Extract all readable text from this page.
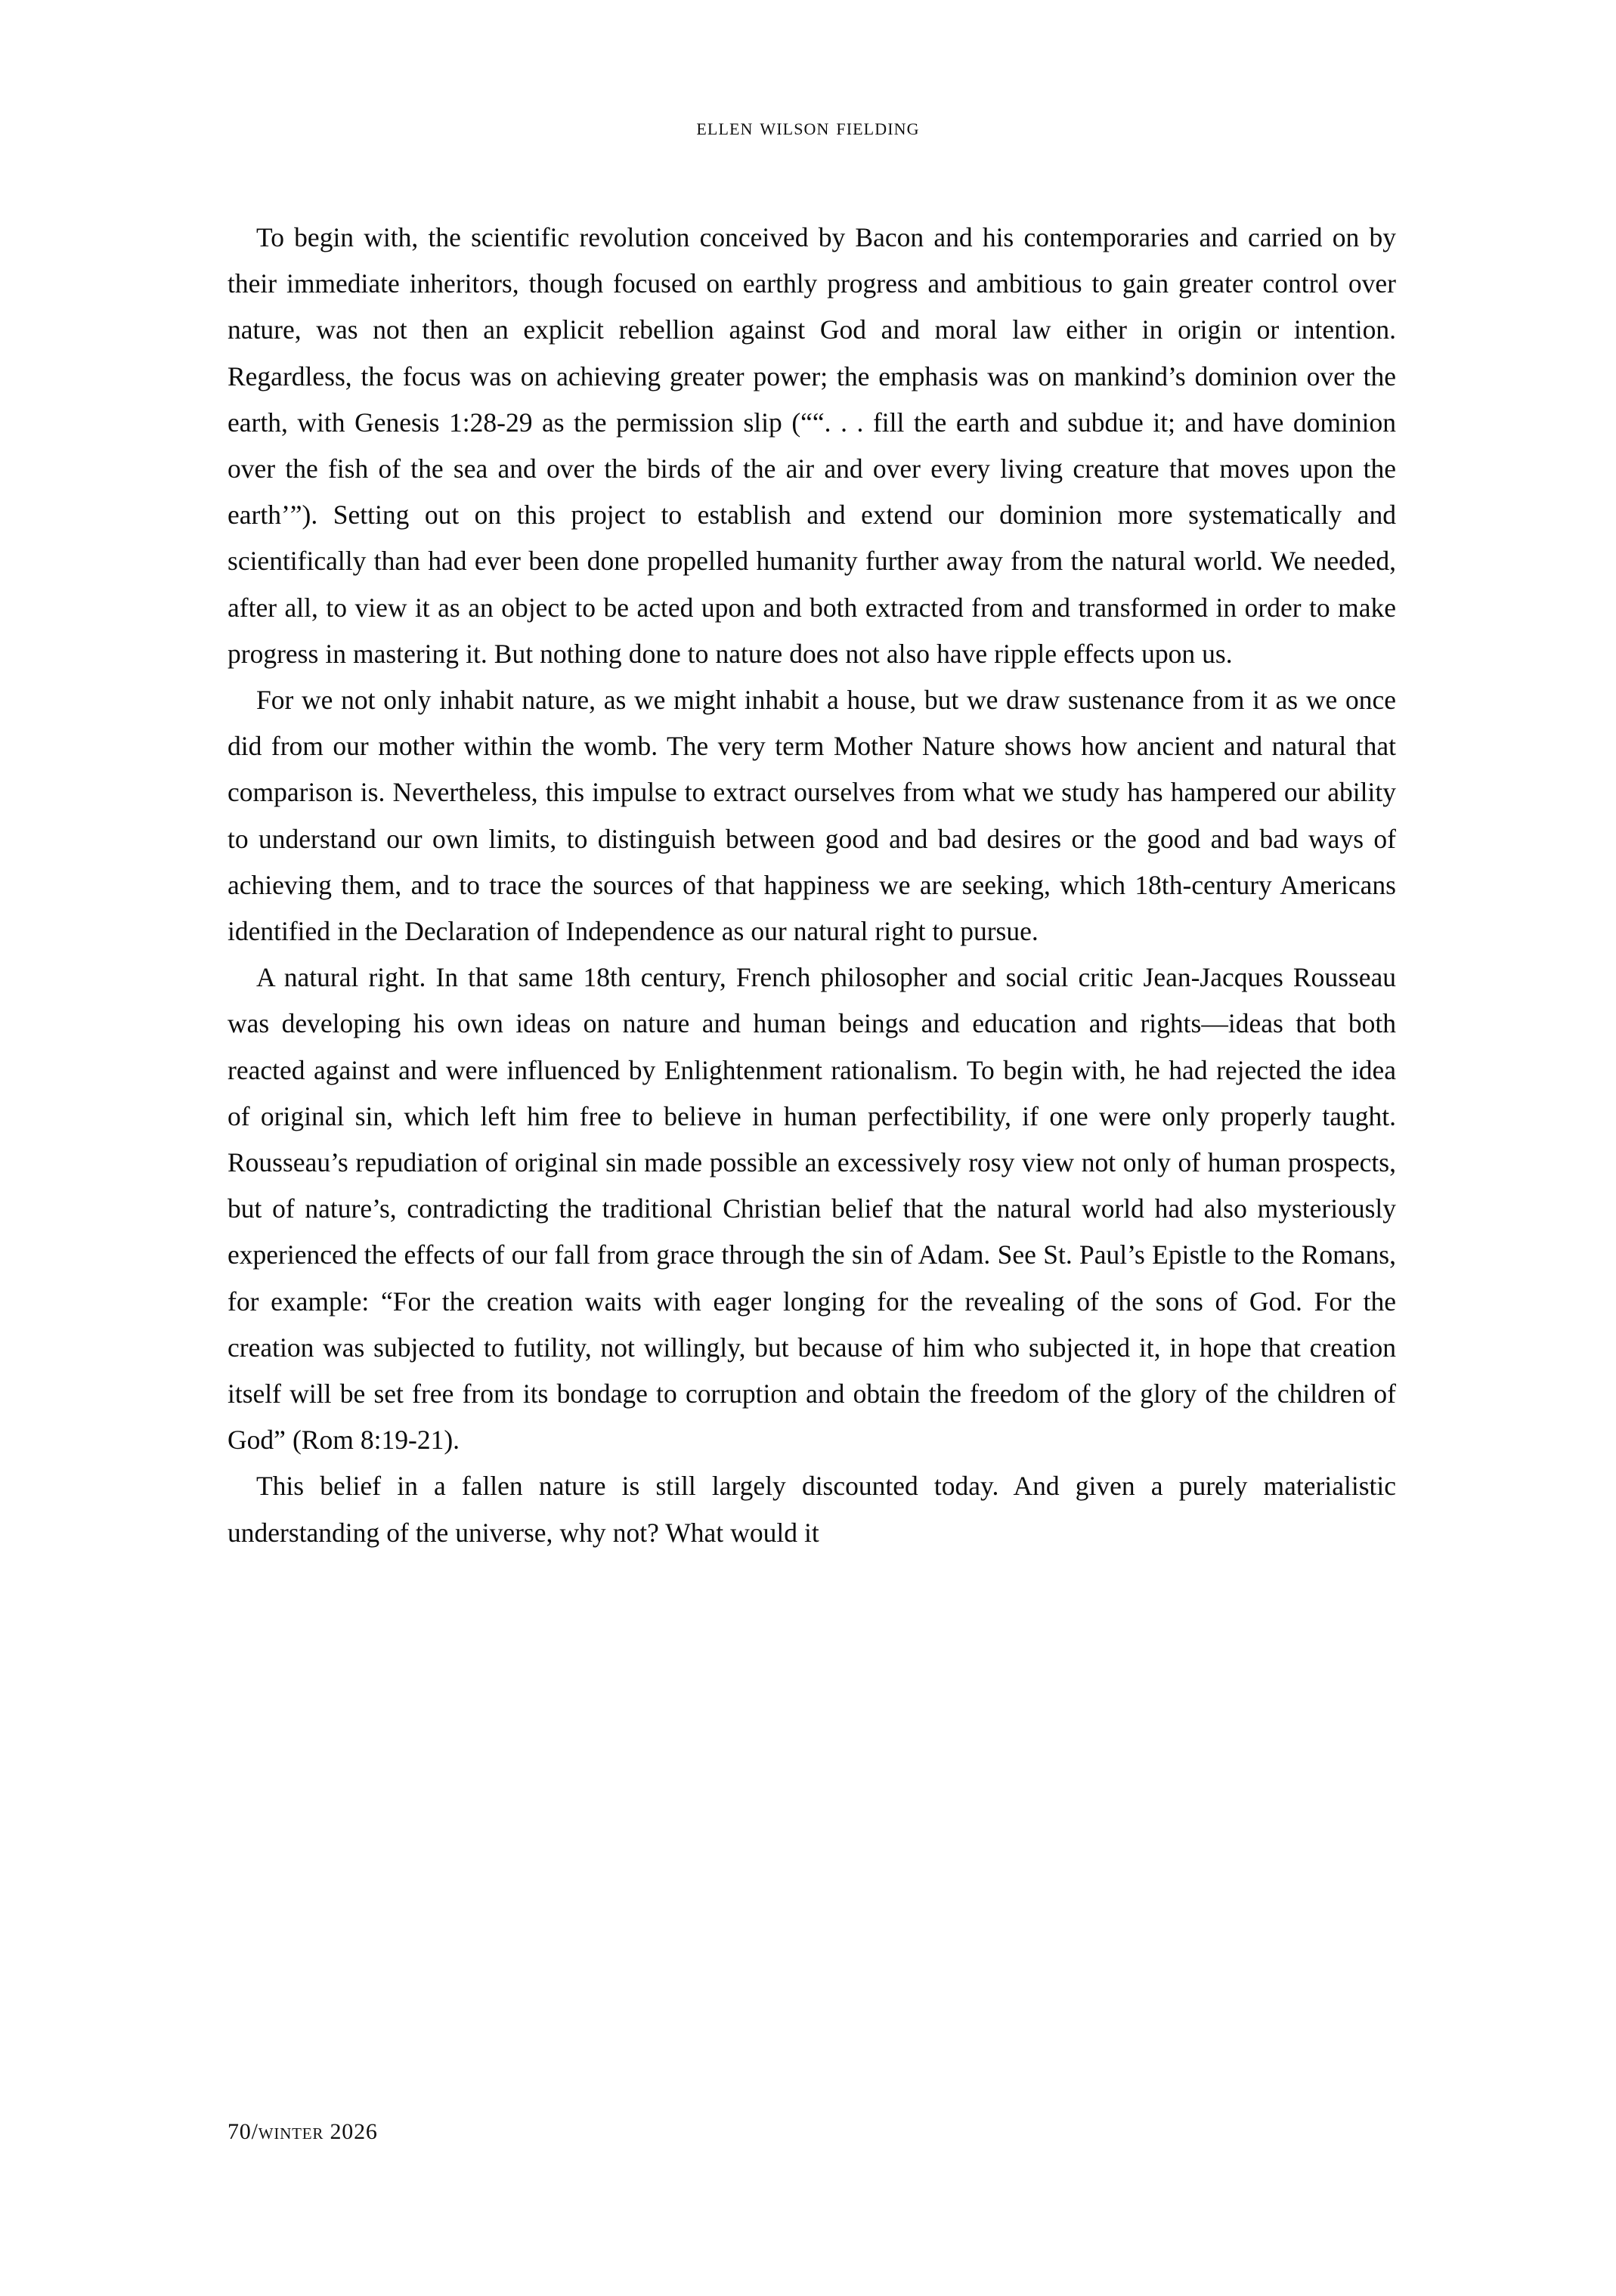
ellen wilson fielding

To begin with, the scientific revolution conceived by Bacon and his contemporaries and carried on by their immediate inheritors, though focused on earthly progress and ambitious to gain greater control over nature, was not then an explicit rebellion against God and moral law either in origin or intention. Regardless, the focus was on achieving greater power; the emphasis was on mankind’s dominion over the earth, with Genesis 1:28-29 as the permission slip (““. . . fill the earth and subdue it; and have dominion over the fish of the sea and over the birds of the air and over every living creature that moves upon the earth’”). Setting out on this project to establish and extend our dominion more systematically and scientifically than had ever been done propelled humanity further away from the natural world. We needed, after all, to view it as an object to be acted upon and both extracted from and transformed in order to make progress in mastering it. But nothing done to nature does not also have ripple effects upon us.

For we not only inhabit nature, as we might inhabit a house, but we draw sustenance from it as we once did from our mother within the womb. The very term Mother Nature shows how ancient and natural that comparison is. Nevertheless, this impulse to extract ourselves from what we study has hampered our ability to understand our own limits, to distinguish between good and bad desires or the good and bad ways of achieving them, and to trace the sources of that happiness we are seeking, which 18th-century Americans identified in the Declaration of Independence as our natural right to pursue.

A natural right. In that same 18th century, French philosopher and social critic Jean-Jacques Rousseau was developing his own ideas on nature and human beings and education and rights—ideas that both reacted against and were influenced by Enlightenment rationalism. To begin with, he had rejected the idea of original sin, which left him free to believe in human perfectibility, if one were only properly taught. Rousseau’s repudiation of original sin made possible an excessively rosy view not only of human prospects, but of nature’s, contradicting the traditional Christian belief that the natural world had also mysteriously experienced the effects of our fall from grace through the sin of Adam. See St. Paul’s Epistle to the Romans, for example: “For the creation waits with eager longing for the revealing of the sons of God. For the creation was subjected to futility, not willingly, but because of him who subjected it, in hope that creation itself will be set free from its bondage to corruption and obtain the freedom of the glory of the children of God” (Rom 8:19-21).

This belief in a fallen nature is still largely discounted today. And given a purely materialistic understanding of the universe, why not? What would it

70/winter 2026
